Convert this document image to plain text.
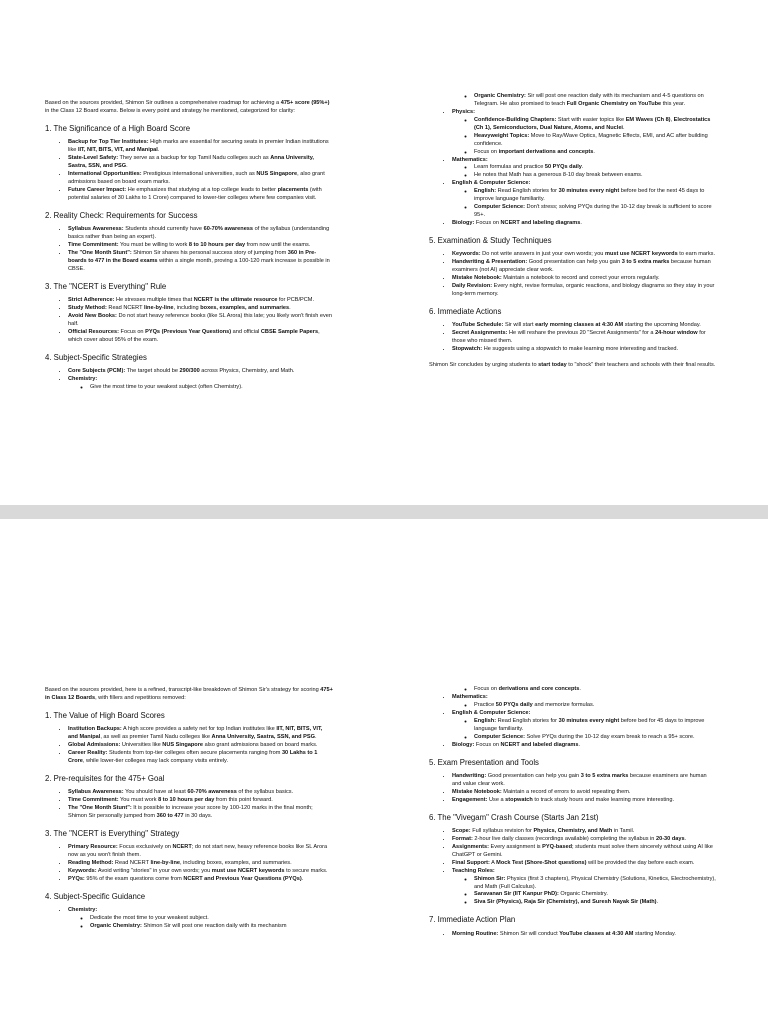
Based on the sources provided, Shimon Sir outlines a comprehensive roadmap for achieving a 475+ score (95%+) in the Class 12 Board exams. Below is every point and strategy he mentioned, categorized for clarity:

1. The Significance of a High Board Score
• Backup for Top Tier Institutes: High marks are essential for securing seats in premier Indian institutions like IIT, NIT, BITS, VIT, and Manipal.
• State-Level Safety: They serve as a backup for top Tamil Nadu colleges such as Anna University, Sastra, SSN, and PSG.
• International Opportunities: Prestigious international universities, such as NUS Singapore, also grant admissions based on board exam marks.
• Future Career Impact: He emphasizes that studying at a top college leads to better placements (with potential salaries of 30 Lakhs to 1 Crore) compared to lower-tier colleges where few companies visit.
2. Reality Check: Requirements for Success
• Syllabus Awareness: Students should currently have 60-70% awareness of the syllabus (understanding basics rather than being an expert).
• Time Commitment: You must be willing to work 8 to 10 hours per day from now until the exams.
• The "One Month Stunt": Shimon Sir shares his personal success story of jumping from 360 in Pre-boards to 477 in the Board exams within a single month, proving a 100-120 mark increase is possible in CBSE.
3. The "NCERT is Everything" Rule
• Strict Adherence: He stresses multiple times that NCERT is the ultimate resource for PCB/PCM.
• Study Method: Read NCERT line-by-line, including boxes, examples, and summaries.
• Avoid New Books: Do not start heavy reference books (like SL Arora) this late; you likely won't finish even half.
• Official Resources: Focus on PYQs (Previous Year Questions) and official CBSE Sample Papers, which cover about 95% of the exam.
4. Subject-Specific Strategies
• Core Subjects (PCM): The target should be 290/300 across Physics, Chemistry, and Math.
• Chemistry:
◦ Give the most time to your weakest subject (often Chemistry).
◦ Organic Chemistry: Sir will post one reaction daily with its mechanism and 4-5 questions on Telegram. He also promised to teach Full Organic Chemistry on YouTube this year.
• Physics:
◦ Confidence-Building Chapters: Start with easier topics like EM Waves (Ch 8), Electrostatics (Ch 1), Semiconductors, Dual Nature, Atoms, and Nuclei.
◦ Heavyweight Topics: Move to Ray/Wave Optics, Magnetic Effects, EMI, and AC after building confidence.
◦ Focus on important derivations and concepts.
• Mathematics:
◦ Learn formulas and practice 50 PYQs daily.
◦ He notes that Math has a generous 8-10 day break between exams.
• English & Computer Science:
◦ English: Read English stories for 30 minutes every night before bed for the next 45 days to improve language familiarity.
◦ Computer Science: Don't stress; solving PYQs during the 10-12 day break is sufficient to score 95+.
• Biology: Focus on NCERT and labeling diagrams.
5. Examination & Study Techniques
• Keywords: Do not write answers in just your own words; you must use NCERT keywords to earn marks.
• Handwriting & Presentation: Good presentation can help you gain 3 to 5 extra marks because human examiners (not AI) appreciate clear work.
• Mistake Notebook: Maintain a notebook to record and correct your errors regularly.
• Daily Revision: Every night, revise formulas, organic reactions, and biology diagrams so they stay in your long-term memory.
6. Immediate Actions
• YouTube Schedule: Sir will start early morning classes at 4:30 AM starting the upcoming Monday.
• Secret Assignments: He will reshare the previous 20 "Secret Assignments" for a 24-hour window for those who missed them.
• Stopwatch: He suggests using a stopwatch to make learning more interesting and tracked.

Shimon Sir concludes by urging students to start today to "shock" their teachers and schools with their final results.

Based on the sources provided, here is a refined, transcript-like breakdown of Shimon Sir's strategy for scoring 475+ in Class 12 Boards, with fillers and repetitions removed:

1. The Value of High Board Scores
• Institution Backups: A high score provides a safety net for top Indian institutes like IIT, NIT, BITS, VIT, and Manipal, as well as premier Tamil Nadu colleges like Anna University, Sastra, SSN, and PSG.
• Global Admissions: Universities like NUS Singapore also grant admissions based on board marks.
• Career Reality: Students from top-tier colleges often secure placements ranging from 30 Lakhs to 1 Crore, while lower-tier colleges may lack company visits entirely.
2. Pre-requisites for the 475+ Goal
• Syllabus Awareness: You should have at least 60-70% awareness of the syllabus basics.
• Time Commitment: You must work 8 to 10 hours per day from this point forward.
• The "One Month Stunt": It is possible to increase your score by 100-120 marks in the final month; Shimon Sir personally jumped from 360 to 477 in 30 days.
3. The "NCERT is Everything" Strategy
• Primary Resource: Focus exclusively on NCERT; do not start new, heavy reference books like SL Arora now as you won't finish them.
• Reading Method: Read NCERT line-by-line, including boxes, examples, and summaries.
• Keywords: Avoid writing "stories" in your own words; you must use NCERT keywords to secure marks.
• PYQs: 95% of the exam questions come from NCERT and Previous Year Questions (PYQs).
4. Subject-Specific Guidance
• Chemistry:
◦ Dedicate the most time to your weakest subject.
◦ Organic Chemistry: Shimon Sir will post one reaction daily with its mechanism
◦ Focus on derivations and core concepts.
• Mathematics:
◦ Practice 50 PYQs daily and memorize formulas.
• English & Computer Science:
◦ English: Read English stories for 30 minutes every night before bed for 45 days to improve language familiarity.
◦ Computer Science: Solve PYQs during the 10-12 day exam break to reach a 95+ score.
• Biology: Focus on NCERT and labeled diagrams.
5. Exam Presentation and Tools
• Handwriting: Good presentation can help you gain 3 to 5 extra marks because examiners are human and value clear work.
• Mistake Notebook: Maintain a record of errors to avoid repeating them.
• Engagement: Use a stopwatch to track study hours and make learning more interesting.
6. The "Vivegam" Crash Course (Starts Jan 21st)
• Scope: Full syllabus revision for Physics, Chemistry, and Math in Tamil.
• Format: 2-hour live daily classes (recordings available) completing the syllabus in 20-30 days.
• Assignments: Every assignment is PYQ-based; students must solve them sincerely without using AI like ChatGPT or Gemini.
• Final Support: A Mock Test (Shore-Shot questions) will be provided the day before each exam.
• Teaching Roles:
◦ Shimon Sir: Physics (first 3 chapters), Physical Chemistry (Solutions, Kinetics, Electrochemistry), and Math (Full Calculus).
◦ Saravanan Sir (IIT Kanpur PhD): Organic Chemistry.
◦ Siva Sir (Physics), Raja Sir (Chemistry), and Suresh Nayak Sir (Math).
7. Immediate Action Plan
• Morning Routine: Shimon Sir will conduct YouTube classes at 4:30 AM starting Monday.
